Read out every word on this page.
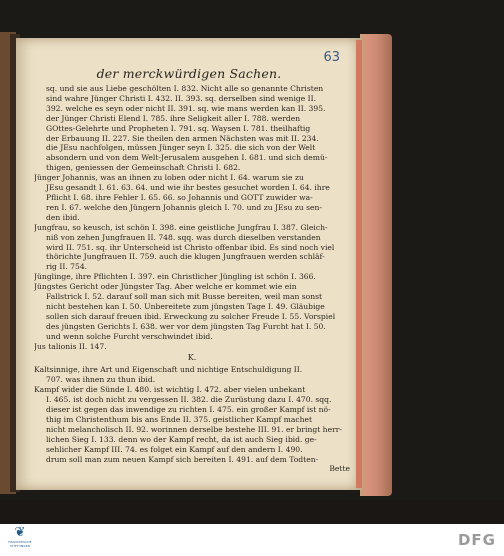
63
der merckwürdigen Sachen.
sq. und sie aus Liebe geschölten I. 832. Nicht alle so genannte Christen
sind wahre Jünger Christi I. 432. II. 393. sq. derselben sind wenige II.
392. welche es seyn oder nicht II. 391. sq. wie mans werden kan II. 395.
der Jünger Christi Elend I. 785. ihre Seligkeit aller I. 788. werden
GOttes-Gelehrte und Propheten I. 791. sq. Waysen I. 781. theilhaftig
der Erbauung II. 227. Sie theilen den armen Nächsten was mit II. 234.
die JEsu nachfolgen, müssen Jünger seyn I. 325. die sich von der Welt
absondern und von dem Welt-Jerusalem ausgehen I. 681. und sich demü-
thigen, geniessen der Gemeinschaft Christi I. 682.
Jünger Johannis, was an ihnen zu loben oder nicht I. 64. warum sie zu
JEsu gesandt I. 61. 63. 64. und wie ihr bestes gesuchet worden I. 64. ihre
Pflicht I. 68. ihre Fehler I. 65. 66. so Johannis und GOTT zuwider wa-
ren I. 67. welche den Jüngern Johannis gleich I. 70. und zu JEsu zu sen-
den ibid.
Jungfrau, so keusch, ist schön I. 398. eine geistliche Jungfrau I. 387. Gleich-
niß von zehen Jungfrauen II. 748. sqq. was durch dieselben verstanden
wird II. 751. sq. ihr Unterscheid ist Christo offenbar ibid. Es sind noch viel
thörichte Jungfrauen II. 759. auch die klugen Jungfrauen werden schläf-
rig II. 754.
Jünglinge, ihre Pflichten I. 397. ein Christlicher Jüngling ist schön I. 366.
Jüngstes Gericht oder Jüngster Tag. Aber welche er kommet wie ein
Fallstrick I. 52. darauf soll man sich mit Busse bereiten, weil man sonst
nicht bestehen kan I. 50. Unbereitete zum jüngsten Tage I. 49. Gläubige
sollen sich darauf freuen ibid. Erweckung zu solcher Freude I. 55. Vorspiel
des jüngsten Gerichts I. 638. wer vor dem jüngsten Tag Furcht hat I. 50.
und wenn solche Furcht verschwindet ibid.
Jus talionis II. 147.
K.
Kaltsinnige, ihre Art und Eigenschaft und nichtige Entschuldigung II.
707. was ihnen zu thun ibid.
Kampf wider die Sünde I. 480. ist wichtig I. 472. aber vielen unbekant
I. 465. ist doch nicht zu vergessen II. 382. die Zurüstung dazu I. 470. sqq.
dieser ist gegen das inwendige zu richten I. 475. ein großer Kampf ist nö-
thig im Christenthum bis ans Ende II. 375. geistlicher Kampf machet
nicht melancholisch II. 92. worinnen derselbe bestehe III. 91. er bringt herr-
lichen Sieg I. 133. denn wo der Kampf recht, da ist auch Sieg ibid. ge-
sehlicher Kampf III. 74. es folget ein Kampf auf den andern I. 490.
drum soll man zum neuen Kampf sich bereiten I. 491. auf dem Todten-
Bette
❦
FRANCKESCHE STIFTUNGEN	DFG
